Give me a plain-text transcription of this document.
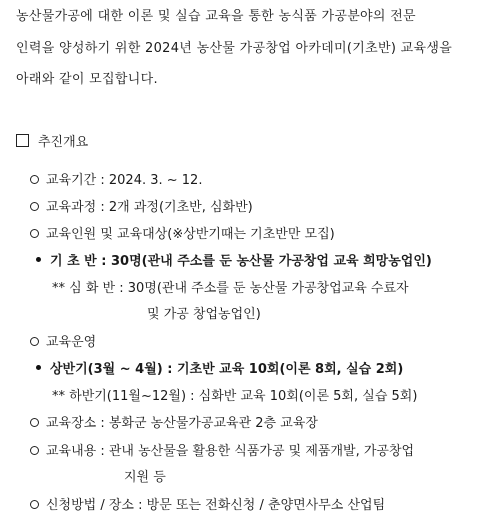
농산물가공에 대한 이론 및 실습 교육을 통한 농식품 가공분야의 전문
인력을 양성하기 위한 2024년 농산물 가공창업 아카데미(기초반) 교육생을
아래와 같이 모집합니다.
추진개요
교육기간 : 2024. 3. ~ 12.
교육과정 : 2개 과정(기초반, 심화반)
교육인원 및 교육대상(※상반기때는 기초반만 모집)
기 초 반 : 30명(관내 주소를 둔 농산물 가공창업 교육 희망농업인)
** 심 화 반 : 30명(관내 주소를 둔 농산물 가공창업교육 수료자
및 가공 창업농업인)
교육운영
상반기(3월 ~ 4월) : 기초반 교육 10회(이론 8회, 실습 2회)
** 하반기(11월~12월) : 심화반 교육 10회(이론 5회, 실습 5회)
교육장소 : 봉화군 농산물가공교육관 2층 교육장
교육내용 : 관내 농산물을 활용한 식품가공 및 제품개발, 가공창업
지원 등
신청방법 / 장소 : 방문 또는 전화신청 / 춘양면사무소 산업팀
